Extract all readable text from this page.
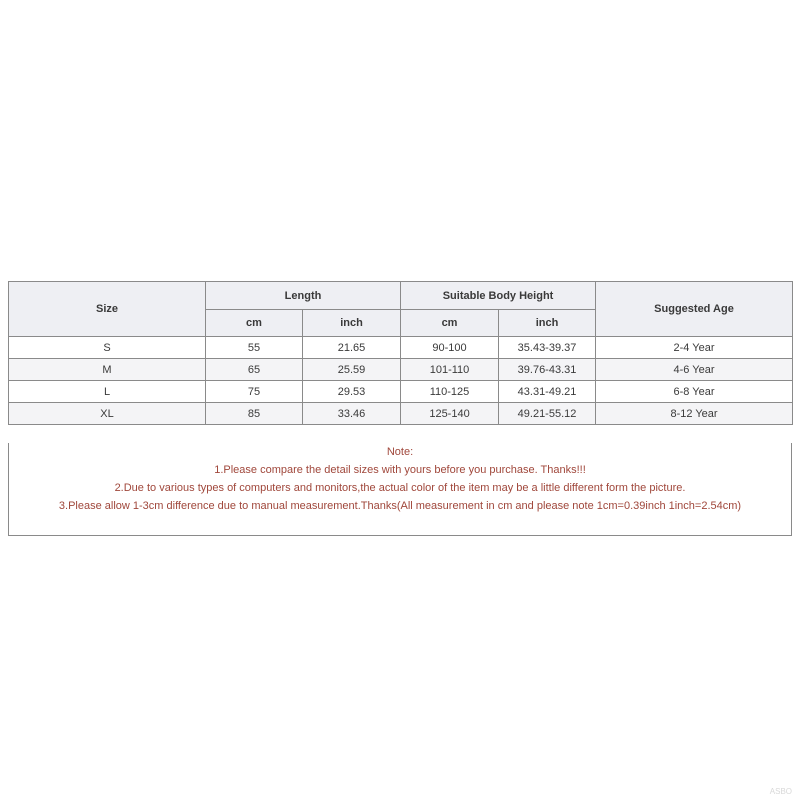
Size	Length		Suitable Body Height		Suggested Age
	cm	inch	cm	inch	
S	55	21.65	90-100	35.43-39.37	2-4 Year
M	65	25.59	101-110	39.76-43.31	4-6 Year
L	75	29.53	110-125	43.31-49.21	6-8 Year
XL	85	33.46	125-140	49.21-55.12	8-12 Year
Note:
1.Please compare the detail sizes with yours before you purchase. Thanks!!!
2.Due to various types of computers and monitors,the actual color of the item may be a little different form the picture.
3.Please allow 1-3cm difference due to manual measurement.Thanks(All measurement in cm and please note 1cm=0.39inch 1inch=2.54cm)
ASBO
